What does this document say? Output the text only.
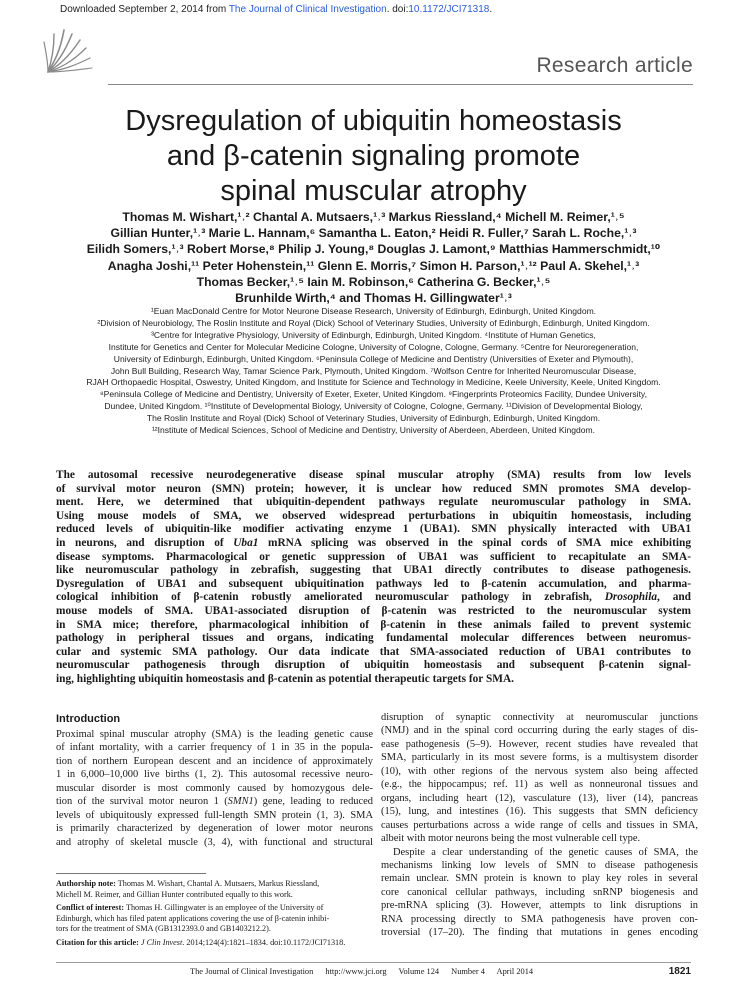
Downloaded September 2, 2014 from The Journal of Clinical Investigation. doi:10.1172/JCI71318.
Research article
Dysregulation of ubiquitin homeostasis
and β-catenin signaling promote
spinal muscular atrophy
Thomas M. Wishart,¹˒² Chantal A. Mutsaers,¹˒³ Markus Riessland,⁴ Michell M. Reimer,¹˒⁵
Gillian Hunter,¹˒³ Marie L. Hannam,⁶ Samantha L. Eaton,² Heidi R. Fuller,⁷ Sarah L. Roche,¹˒³
Eilidh Somers,¹˒³ Robert Morse,⁸ Philip J. Young,⁸ Douglas J. Lamont,⁹ Matthias Hammerschmidt,¹⁰
Anagha Joshi,¹¹ Peter Hohenstein,¹¹ Glenn E. Morris,⁷ Simon H. Parson,¹˒¹² Paul A. Skehel,¹˒³
Thomas Becker,¹˒⁵ Iain M. Robinson,⁶ Catherina G. Becker,¹˒⁵
Brunhilde Wirth,⁴ and Thomas H. Gillingwater¹˒³
¹Euan MacDonald Centre for Motor Neurone Disease Research, University of Edinburgh, Edinburgh, United Kingdom.
²Division of Neurobiology, The Roslin Institute and Royal (Dick) School of Veterinary Studies, University of Edinburgh, Edinburgh, United Kingdom.
³Centre for Integrative Physiology, University of Edinburgh, Edinburgh, United Kingdom. ⁴Institute of Human Genetics,
Institute for Genetics and Center for Molecular Medicine Cologne, University of Cologne, Cologne, Germany. ⁵Centre for Neuroregeneration,
University of Edinburgh, Edinburgh, United Kingdom. ⁶Peninsula College of Medicine and Dentistry (Universities of Exeter and Plymouth),
John Bull Building, Research Way, Tamar Science Park, Plymouth, United Kingdom. ⁷Wolfson Centre for Inherited Neuromuscular Disease,
RJAH Orthopaedic Hospital, Oswestry, United Kingdom, and Institute for Science and Technology in Medicine, Keele University, Keele, United Kingdom.
⁸Peninsula College of Medicine and Dentistry, University of Exeter, Exeter, United Kingdom. ⁹Fingerprints Proteomics Facility, Dundee University,
Dundee, United Kingdom. ¹⁰Institute of Developmental Biology, University of Cologne, Cologne, Germany. ¹¹Division of Developmental Biology,
The Roslin Institute and Royal (Dick) School of Veterinary Studies, University of Edinburgh, Edinburgh, United Kingdom.
¹²Institute of Medical Sciences, School of Medicine and Dentistry, University of Aberdeen, Aberdeen, United Kingdom.
The autosomal recessive neurodegenerative disease spinal muscular atrophy (SMA) results from low levels
of survival motor neuron (SMN) protein; however, it is unclear how reduced SMN promotes SMA develop-
ment. Here, we determined that ubiquitin-dependent pathways regulate neuromuscular pathology in SMA.
Using mouse models of SMA, we observed widespread perturbations in ubiquitin homeostasis, including
reduced levels of ubiquitin-like modifier activating enzyme 1 (UBA1). SMN physically interacted with UBA1
in neurons, and disruption of Uba1 mRNA splicing was observed in the spinal cords of SMA mice exhibiting
disease symptoms. Pharmacological or genetic suppression of UBA1 was sufficient to recapitulate an SMA-
like neuromuscular pathology in zebrafish, suggesting that UBA1 directly contributes to disease pathogenesis.
Dysregulation of UBA1 and subsequent ubiquitination pathways led to β-catenin accumulation, and pharma-
cological inhibition of β-catenin robustly ameliorated neuromuscular pathology in zebrafish, Drosophila, and
mouse models of SMA. UBA1-associated disruption of β-catenin was restricted to the neuromuscular system
in SMA mice; therefore, pharmacological inhibition of β-catenin in these animals failed to prevent systemic
pathology in peripheral tissues and organs, indicating fundamental molecular differences between neuromus-
cular and systemic SMA pathology. Our data indicate that SMA-associated reduction of UBA1 contributes to
neuromuscular pathogenesis through disruption of ubiquitin homeostasis and subsequent β-catenin signal-
ing, highlighting ubiquitin homeostasis and β-catenin as potential therapeutic targets for SMA.
Introduction
Proximal spinal muscular atrophy (SMA) is the leading genetic cause
of infant mortality, with a carrier frequency of 1 in 35 in the popula-
tion of northern European descent and an incidence of approximately
1 in 6,000–10,000 live births (1, 2). This autosomal recessive neuro-
muscular disorder is most commonly caused by homozygous dele-
tion of the survival motor neuron 1 (SMN1) gene, leading to reduced
levels of ubiquitously expressed full-length SMN protein (1, 3). SMA
is primarily characterized by degeneration of lower motor neurons
and atrophy of skeletal muscle (3, 4), with functional and structural
disruption of synaptic connectivity at neuromuscular junctions
(NMJ) and in the spinal cord occurring during the early stages of dis-
ease pathogenesis (5–9). However, recent studies have revealed that
SMA, particularly in its most severe forms, is a multisystem disorder
(10), with other regions of the nervous system also being affected
(e.g., the hippocampus; ref. 11) as well as nonneuronal tissues and
organs, including heart (12), vasculature (13), liver (14), pancreas
(15), lung, and intestines (16). This suggests that SMN deficiency
causes perturbations across a wide range of cells and tissues in SMA,
albeit with motor neurons being the most vulnerable cell type.
Despite a clear understanding of the genetic causes of SMA, the
mechanisms linking low levels of SMN to disease pathogenesis
remain unclear. SMN protein is known to play key roles in several
core canonical cellular pathways, including snRNP biogenesis and
pre-mRNA splicing (3). However, attempts to link disruptions in
RNA processing directly to SMA pathogenesis have proven con-
troversial (17–20). The finding that mutations in genes encoding
Authorship note: Thomas M. Wishart, Chantal A. Mutsaers, Markus Riessland,
Michell M. Reimer, and Gillian Hunter contributed equally to this work.
Conflict of interest: Thomas H. Gillingwater is an employee of the University of
Edinburgh, which has filed patent applications covering the use of β-catenin inhibi-
tors for the treatment of SMA (GB1312393.0 and GB1403212.2).
Citation for this article: J Clin Invest. 2014;124(4):1821–1834. doi:10.1172/JCI71318.
The Journal of Clinical Investigation http://www.jci.org Volume 124 Number 4 April 2014	1821
